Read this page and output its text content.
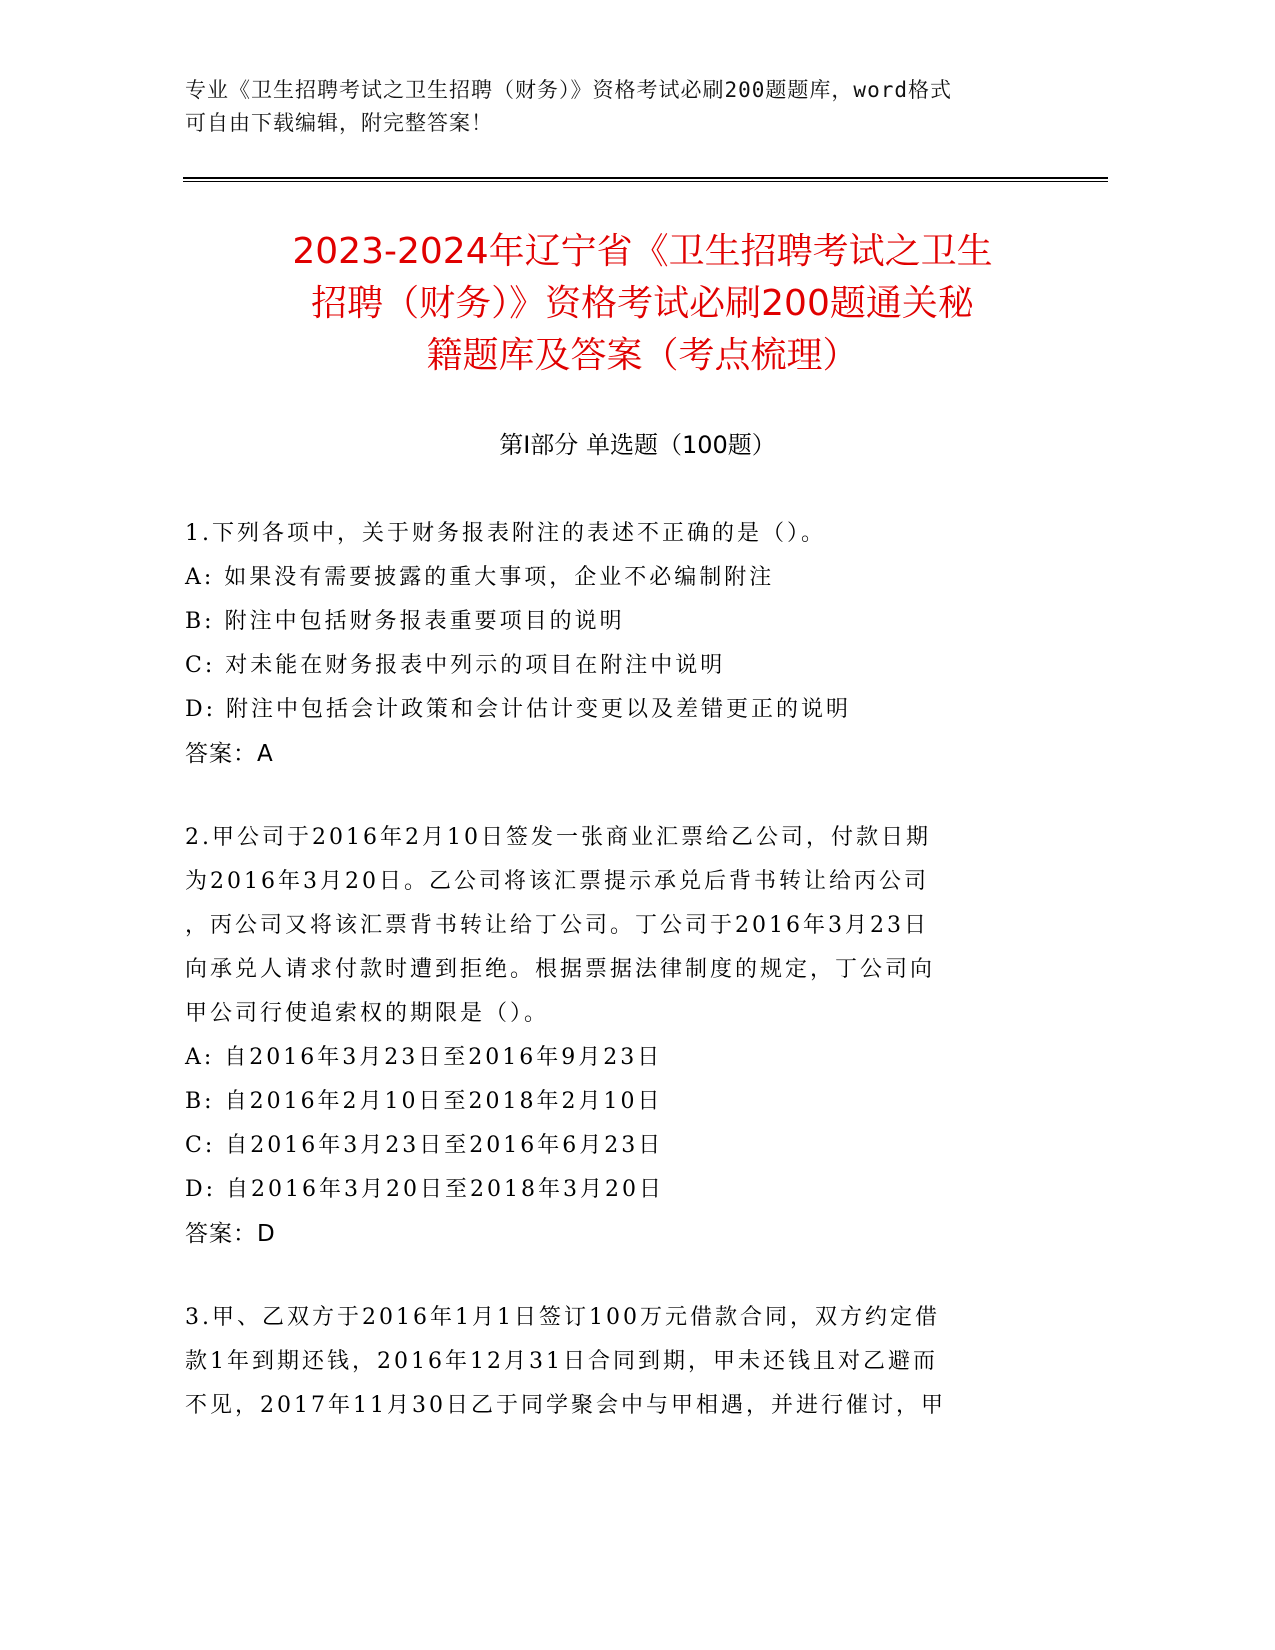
专业《卫生招聘考试之卫生招聘（财务）》资格考试必刷200题题库，word格式
可自由下载编辑，附完整答案！
2023-2024年辽宁省《卫生招聘考试之卫生
招聘（财务）》资格考试必刷200题通关秘
籍题库及答案（考点梳理）
第Ⅰ部分 单选题（100题）
1.下列各项中，关于财务报表附注的表述不正确的是（）。
A: 如果没有需要披露的重大事项，企业不必编制附注
B: 附注中包括财务报表重要项目的说明
C: 对未能在财务报表中列示的项目在附注中说明
D: 附注中包括会计政策和会计估计变更以及差错更正的说明
答案：A
2.甲公司于2016年2月10日签发一张商业汇票给乙公司，付款日期
为2016年3月20日。乙公司将该汇票提示承兑后背书转让给丙公司
，丙公司又将该汇票背书转让给丁公司。丁公司于2016年3月23日
向承兑人请求付款时遭到拒绝。根据票据法律制度的规定，丁公司向
甲公司行使追索权的期限是（）。
A: 自2016年3月23日至2016年9月23日
B: 自2016年2月10日至2018年2月10日
C: 自2016年3月23日至2016年6月23日
D: 自2016年3月20日至2018年3月20日
答案：D
3.甲、乙双方于2016年1月1日签订100万元借款合同，双方约定借
款1年到期还钱，2016年12月31日合同到期，甲未还钱且对乙避而
不见，2017年11月30日乙于同学聚会中与甲相遇，并进行催讨，甲
